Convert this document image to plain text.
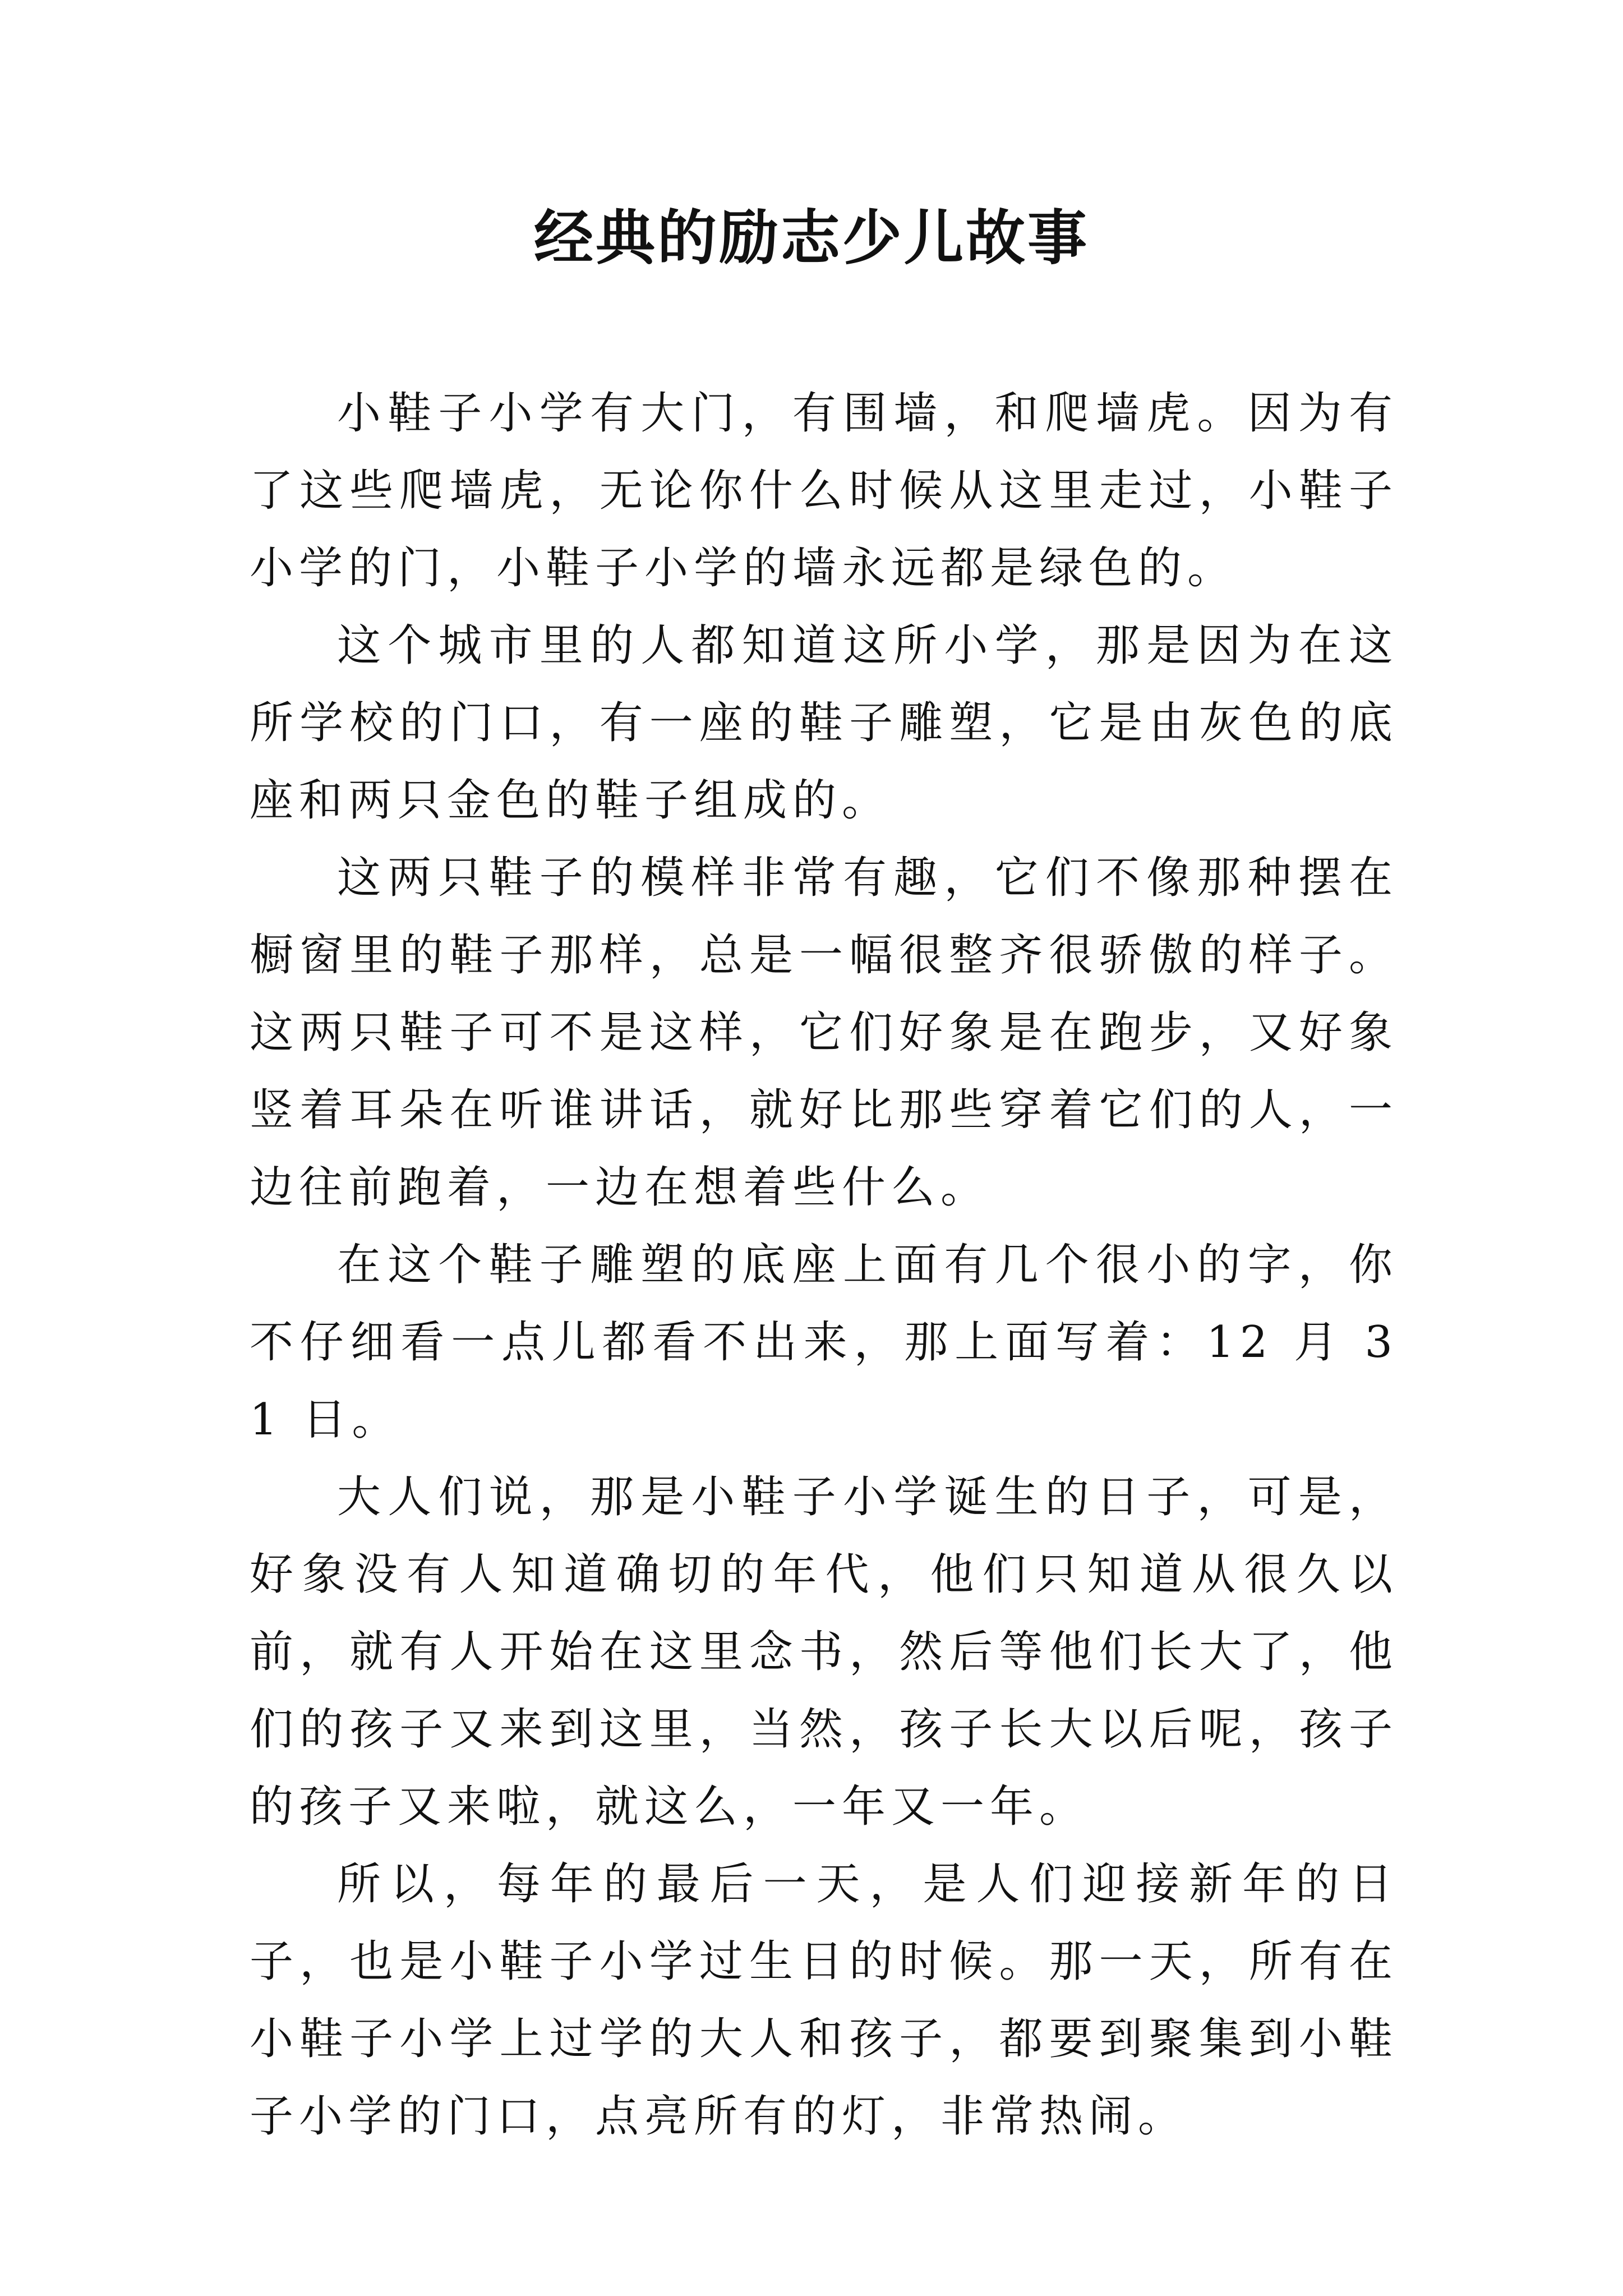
经典的励志少儿故事

小鞋子小学有大门，有围墙，和爬墙虎。因为有了这些爬墙虎，无论你什么时候从这里走过，小鞋子小学的门，小鞋子小学的墙永远都是绿色的。

这个城市里的人都知道这所小学，那是因为在这所学校的门口，有一座的鞋子雕塑，它是由灰色的底座和两只金色的鞋子组成的。

这两只鞋子的模样非常有趣，它们不像那种摆在橱窗里的鞋子那样，总是一幅很整齐很骄傲的样子。这两只鞋子可不是这样，它们好象是在跑步，又好象竖着耳朵在听谁讲话，就好比那些穿着它们的人，一边往前跑着，一边在想着些什么。

在这个鞋子雕塑的底座上面有几个很小的字，你不仔细看一点儿都看不出来，那上面写着：12 月 31 日。

大人们说，那是小鞋子小学诞生的日子，可是，好象没有人知道确切的年代，他们只知道从很久以前，就有人开始在这里念书，然后等他们长大了，他们的孩子又来到这里，当然，孩子长大以后呢，孩子的孩子又来啦，就这么，一年又一年。

所以，每年的最后一天，是人们迎接新年的日子，也是小鞋子小学过生日的时候。那一天，所有在小鞋子小学上过学的大人和孩子，都要到聚集到小鞋子小学的门口，点亮所有的灯，非常热闹。
